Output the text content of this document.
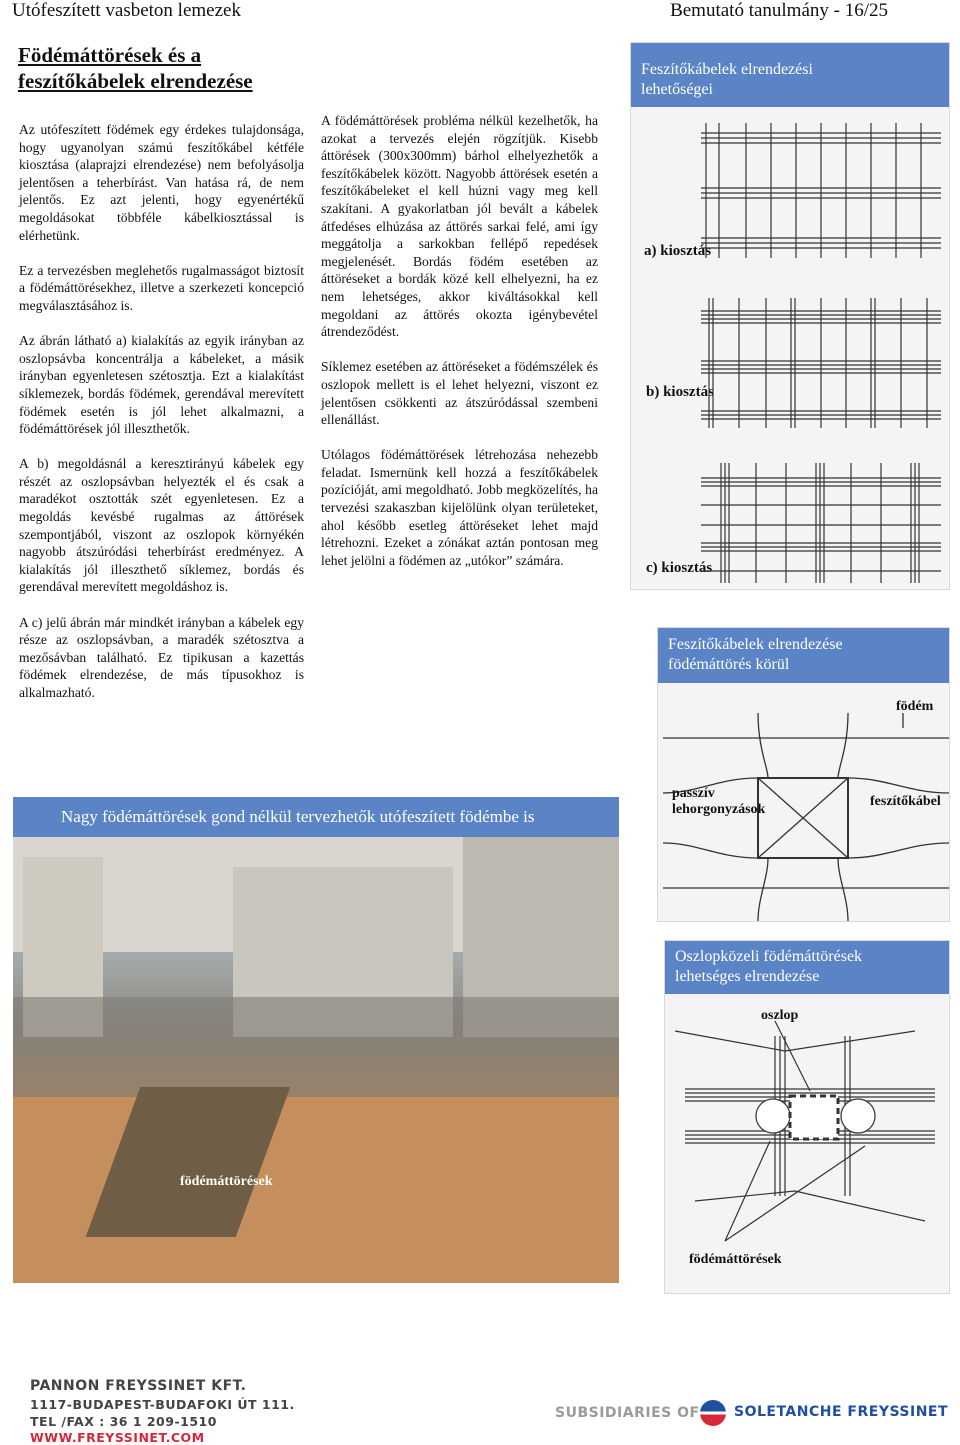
Utófeszített vasbeton lemezek	Bemutató tanulmány - 16/25
Födémáttörések és a
feszítőkábelek elrendezése

Az utófeszített födémek egy érdekes tulajdonsága, hogy ugyanolyan számú feszítőkábel kétféle kiosztása (alaprajzi elrendezése) nem befolyásolja jelentősen a teherbírást. Van hatása rá, de nem jelentős. Ez azt jelenti, hogy egyenértékű megoldásokat többféle kábelkiosztással is elérhetünk.

Ez a tervezésben meglehetős rugalmasságot biztosít a födémáttörésekhez, illetve a szerkezeti koncepció megválasztásához is.

Az ábrán látható a) kialakítás az egyik irányban az oszlopsávba koncentrálja a kábeleket, a másik irányban egyenletesen szétosztja. Ezt a kialakítást síklemezek, bordás födémek, gerendával merevített födémek esetén is jól lehet alkalmazni, a födémáttörések jól illeszthetők.

A b) megoldásnál a keresztirányú kábelek egy részét az oszlopsávban helyezték el és csak a maradékot osztották szét egyenletesen. Ez a megoldás kevésbé rugalmas az áttörések szempontjából, viszont az oszlopok környékén nagyobb átszúródási teherbírást eredményez. A kialakítás jól illeszthető síklemez, bordás és gerendával merevített megoldáshoz is.

A c) jelű ábrán már mindkét irányban a kábelek egy része az oszlopsávban, a maradék szétosztva a mezősávban található. Ez tipikusan a kazettás födémek elrendezése, de más típusokhoz is alkalmazható.

A födémáttörések probléma nélkül kezelhetők, ha azokat a tervezés elején rögzítjük. Kisebb áttörések (300x300mm) bárhol elhelyezhetők a feszítőkábelek között. Nagyobb áttörések esetén a feszítőkábeleket el kell húzni vagy meg kell szakítani. A gyakorlatban jól bevált a kábelek átfedéses elhúzása az áttörés sarkai felé, ami így meggátolja a sarkokban fellépő repedések megjelenését. Bordás födém esetében az áttöréseket a bordák közé kell elhelyezni, ha ez nem lehetséges, akkor kiváltásokkal kell megoldani az áttörés okozta igénybevétel átrendeződést.

Síklemez esetében az áttöréseket a födémszélek és oszlopok mellett is el lehet helyezni, viszont ez jelentősen csökkenti az átszúródással szembeni ellenállást.

Utólagos födémáttörések létrehozása nehezebb feladat. Ismernünk kell hozzá a feszítőkábelek pozícióját, ami megoldható. Jobb megközelítés, ha tervezési szakaszban kijelölünk olyan területeket, ahol később esetleg áttöréseket lehet majd létrehozni. Ezeket a zónákat aztán pontosan meg lehet jelölni a födémen az „utókor” számára.

Feszítőkábelek elrendezési
lehetőségei
a) kiosztás
b) kiosztás
c) kiosztás
Feszítőkábelek elrendezése
födémáttörés körül
födém
passzív
lehorgonyzások
feszítőkábel
Oszlopközeli födémáttörések
lehetséges elrendezése
oszlop
födémáttörések
Nagy födémáttörések gond nélkül tervezhetők utófeszített födémbe is
födémáttörések
PANNON FREYSSINET KFT.
1117-BUDAPEST-BUDAFOKI ÚT 111.
TEL /FAX : 36 1 209-1510
WWW.FREYSSINET.COM
SUBSIDIARIES OF SOLETANCHE FREYSSINET
